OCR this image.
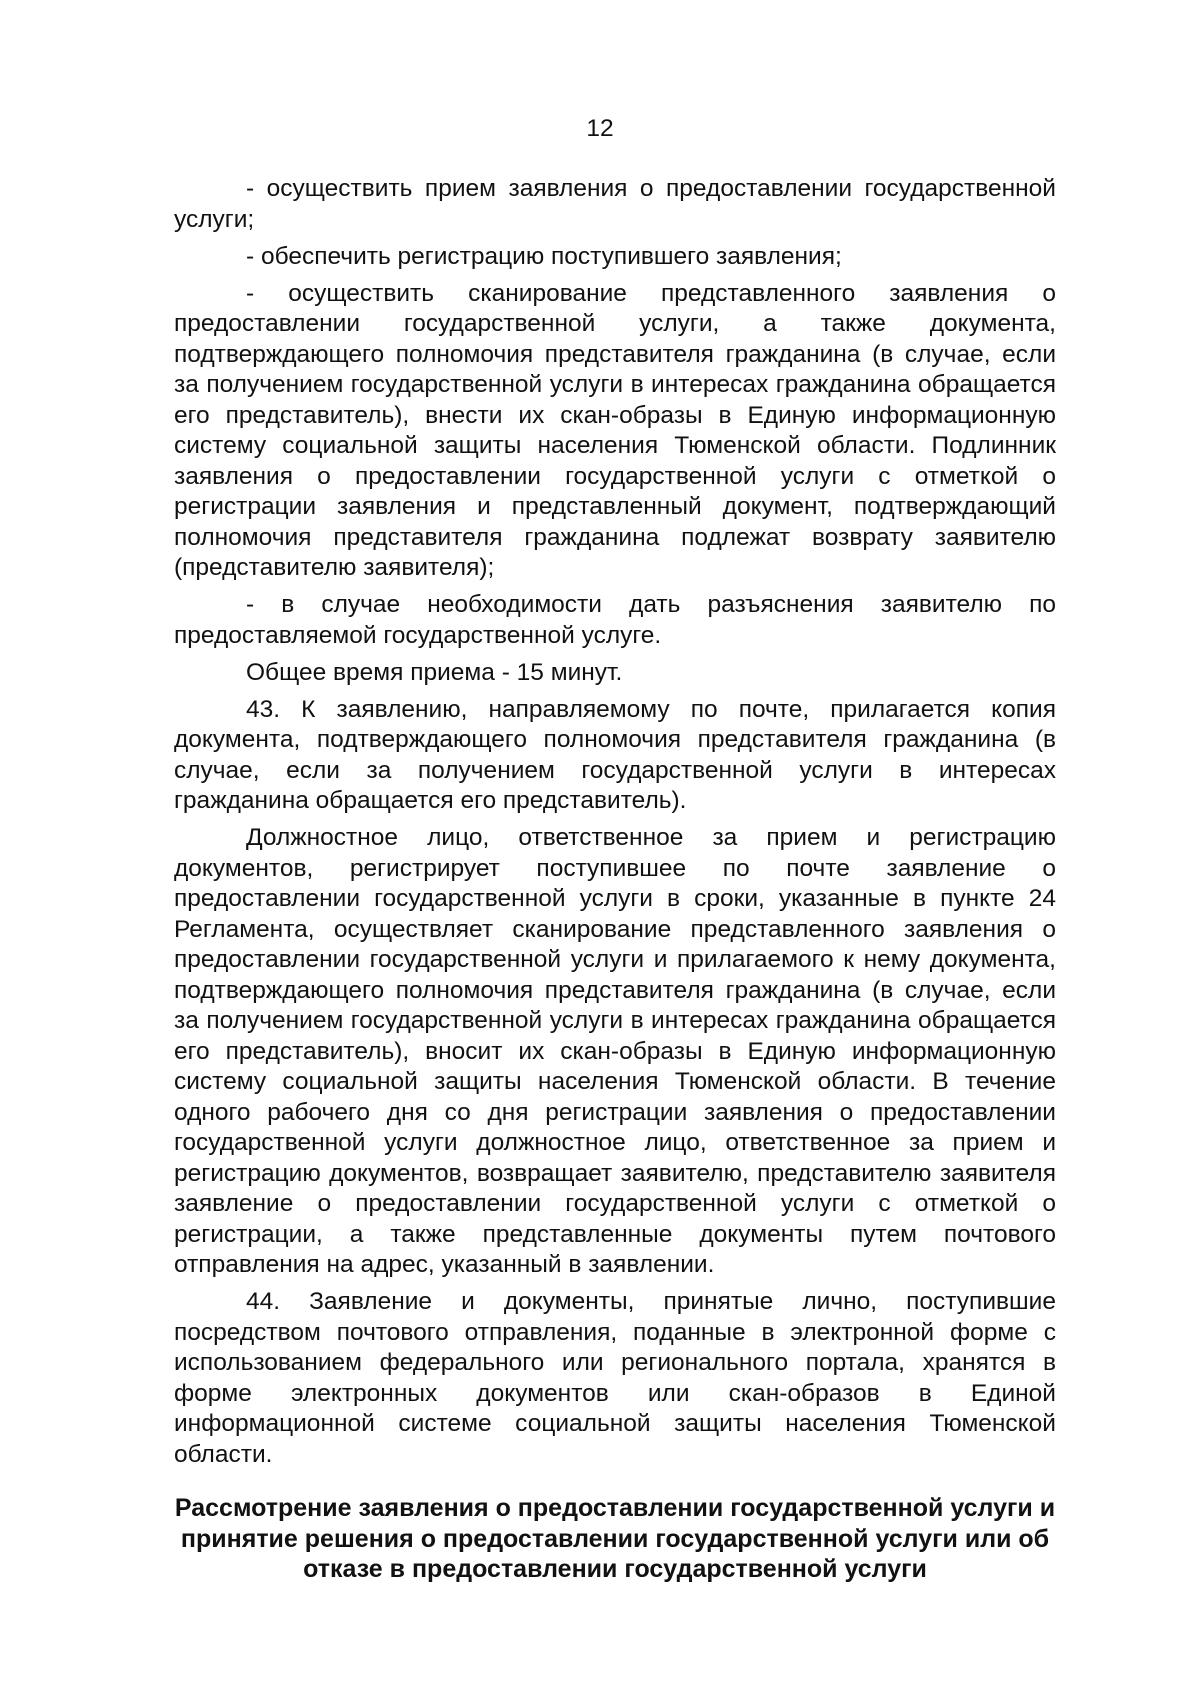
12

- осуществить прием заявления о предоставлении государственной услуги;

- обеспечить регистрацию поступившего заявления;

- осуществить сканирование представленного заявления о предоставлении государственной услуги, а также документа, подтверждающего полномочия представителя гражданина (в случае, если за получением государственной услуги в интересах гражданина обращается его представитель), внести их скан-образы в Единую информационную систему социальной защиты населения Тюменской области. Подлинник заявления о предоставлении государственной услуги с отметкой о регистрации заявления и представленный документ, подтверждающий полномочия представителя гражданина подлежат возврату заявителю (представителю заявителя);

- в случае необходимости дать разъяснения заявителю по предоставляемой государственной услуге.

Общее время приема - 15 минут.

43. К заявлению, направляемому по почте, прилагается копия документа, подтверждающего полномочия представителя гражданина (в случае, если за получением государственной услуги в интересах гражданина обращается его представитель).

Должностное лицо, ответственное за прием и регистрацию документов, регистрирует поступившее по почте заявление о предоставлении государственной услуги в сроки, указанные в пункте 24 Регламента, осуществляет сканирование представленного заявления о предоставлении государственной услуги и прилагаемого к нему документа, подтверждающего полномочия представителя гражданина (в случае, если за получением государственной услуги в интересах гражданина обращается его представитель), вносит их скан-образы в Единую информационную систему социальной защиты населения Тюменской области. В течение одного рабочего дня со дня регистрации заявления о предоставлении государственной услуги должностное лицо, ответственное за прием и регистрацию документов, возвращает заявителю, представителю заявителя заявление о предоставлении государственной услуги с отметкой о регистрации, а также представленные документы путем почтового отправления на адрес, указанный в заявлении.

44. Заявление и документы, принятые лично, поступившие посредством почтового отправления, поданные в электронной форме с использованием федерального или регионального портала, хранятся в форме электронных документов или скан-образов в Единой информационной системе социальной защиты населения Тюменской области.

Рассмотрение заявления о предоставлении государственной услуги и принятие решения о предоставлении государственной услуги или об отказе в предоставлении государственной услуги
